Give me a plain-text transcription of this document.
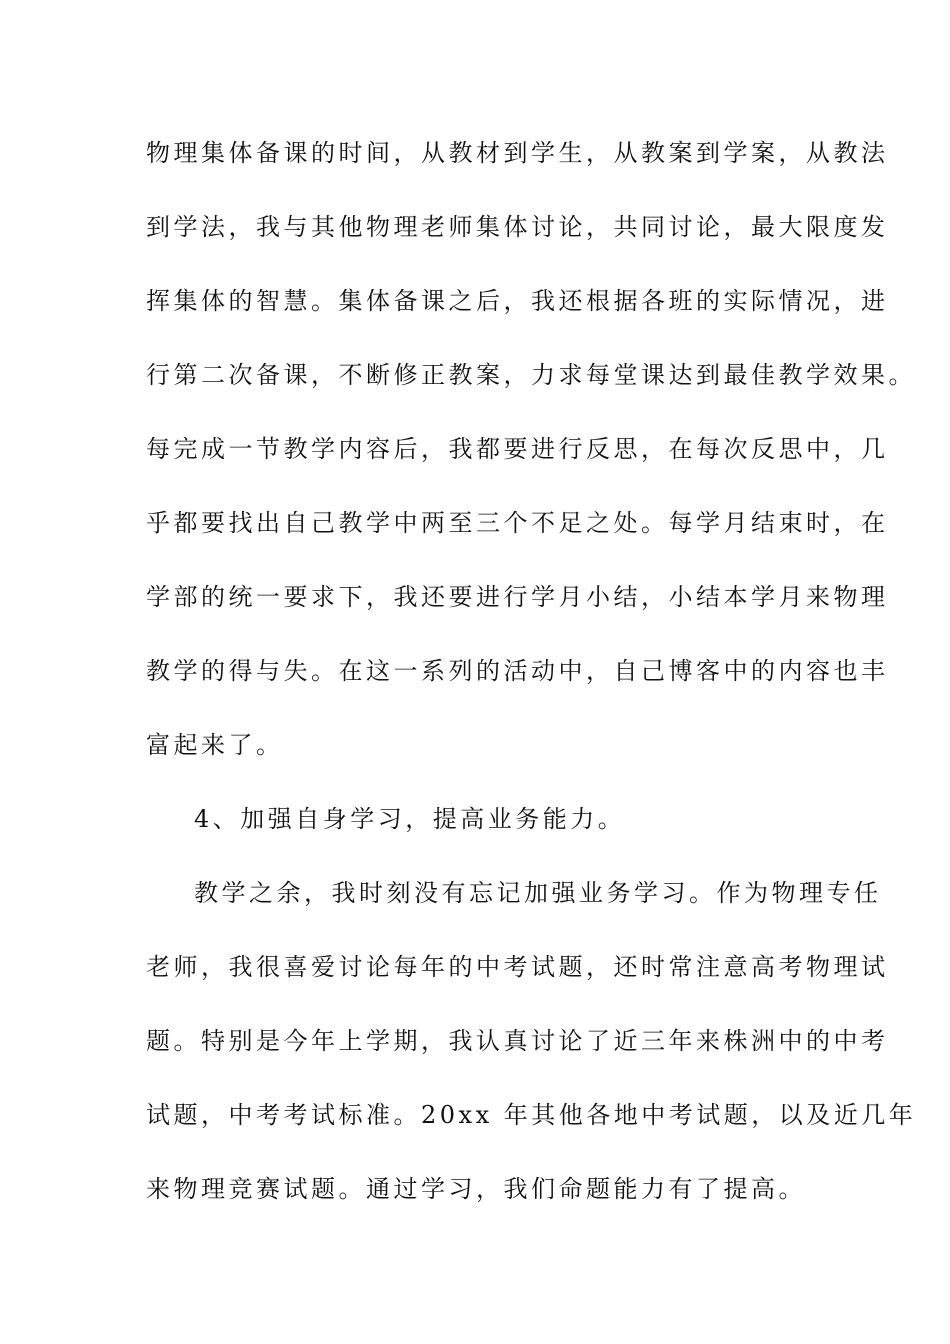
物理集体备课的时间，从教材到学生，从教案到学案，从教法
到学法，我与其他物理老师集体讨论，共同讨论，最大限度发
挥集体的智慧。集体备课之后，我还根据各班的实际情况，进
行第二次备课，不断修正教案，力求每堂课达到最佳教学效果。
每完成一节教学内容后，我都要进行反思，在每次反思中，几
乎都要找出自己教学中两至三个不足之处。每学月结束时，在
学部的统一要求下，我还要进行学月小结，小结本学月来物理
教学的得与失。在这一系列的活动中，自己博客中的内容也丰
富起来了。
4、加强自身学习，提高业务能力。
教学之余，我时刻没有忘记加强业务学习。作为物理专任
老师，我很喜爱讨论每年的中考试题，还时常注意高考物理试
题。特别是今年上学期，我认真讨论了近三年来株洲中的中考
试题，中考考试标准。20xx 年其他各地中考试题，以及近几年
来物理竞赛试题。通过学习，我们命题能力有了提高。
